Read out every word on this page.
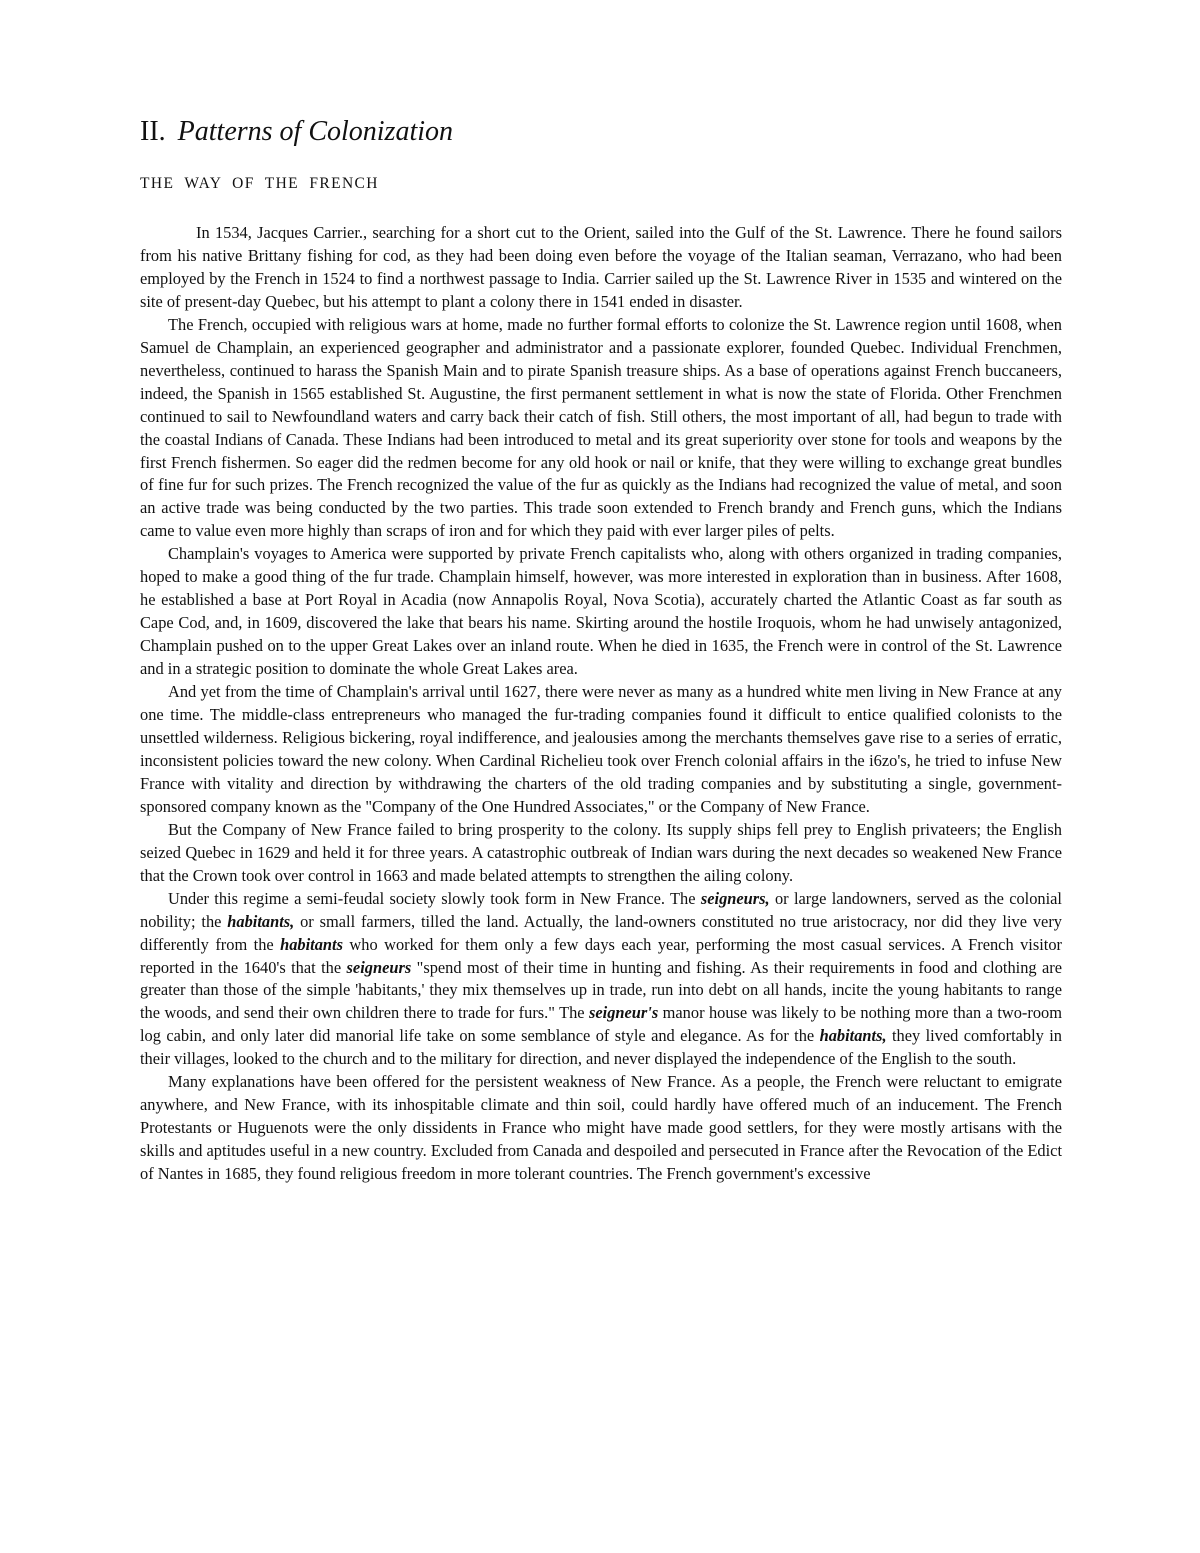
II. Patterns of Colonization
THE WAY OF THE FRENCH

In 1534, Jacques Carrier., searching for a short cut to the Orient, sailed into the Gulf of the St. Lawrence. There he found sailors from his native Brittany fishing for cod, as they had been doing even before the voyage of the Italian seaman, Verrazano, who had been employed by the French in 1524 to find a northwest passage to India. Carrier sailed up the St. Lawrence River in 1535 and wintered on the site of present-day Quebec, but his attempt to plant a colony there in 1541 ended in disaster.

The French, occupied with religious wars at home, made no further formal efforts to colonize the St. Lawrence region until 1608, when Samuel de Champlain, an experienced geographer and administrator and a passionate explorer, founded Quebec. Individual Frenchmen, nevertheless, continued to harass the Spanish Main and to pirate Spanish treasure ships. As a base of operations against French buccaneers, indeed, the Spanish in 1565 established St. Augustine, the first permanent settlement in what is now the state of Florida. Other Frenchmen continued to sail to Newfoundland waters and carry back their catch of fish. Still others, the most important of all, had begun to trade with the coastal Indians of Canada. These Indians had been introduced to metal and its great superiority over stone for tools and weapons by the first French fishermen. So eager did the redmen become for any old hook or nail or knife, that they were willing to exchange great bundles of fine fur for such prizes. The French recognized the value of the fur as quickly as the Indians had recognized the value of metal, and soon an active trade was being conducted by the two parties. This trade soon extended to French brandy and French guns, which the Indians came to value even more highly than scraps of iron and for which they paid with ever larger piles of pelts.

Champlain's voyages to America were supported by private French capitalists who, along with others organized in trading companies, hoped to make a good thing of the fur trade. Champlain himself, however, was more interested in exploration than in business. After 1608, he established a base at Port Royal in Acadia (now Annapolis Royal, Nova Scotia), accurately charted the Atlantic Coast as far south as Cape Cod, and, in 1609, discovered the lake that bears his name. Skirting around the hostile Iroquois, whom he had unwisely antagonized, Champlain pushed on to the upper Great Lakes over an inland route. When he died in 1635, the French were in control of the St. Lawrence and in a strategic position to dominate the whole Great Lakes area.

And yet from the time of Champlain's arrival until 1627, there were never as many as a hundred white men living in New France at any one time. The middle-class entrepreneurs who managed the fur-trading companies found it difficult to entice qualified colonists to the unsettled wilderness. Religious bickering, royal indifference, and jealousies among the merchants themselves gave rise to a series of erratic, inconsistent policies toward the new colony. When Cardinal Richelieu took over French colonial affairs in the i6zo's, he tried to infuse New France with vitality and direction by withdrawing the charters of the old trading companies and by substituting a single, government-sponsored company known as the "Company of the One Hundred Associates," or the Company of New France.

But the Company of New France failed to bring prosperity to the colony. Its supply ships fell prey to English privateers; the English seized Quebec in 1629 and held it for three years. A catastrophic outbreak of Indian wars during the next decades so weakened New France that the Crown took over control in 1663 and made belated attempts to strengthen the ailing colony.

Under this regime a semi-feudal society slowly took form in New France. The seigneurs, or large landowners, served as the colonial nobility; the habitants, or small farmers, tilled the land. Actually, the land-owners constituted no true aristocracy, nor did they live very differently from the habitants who worked for them only a few days each year, performing the most casual services. A French visitor reported in the 1640's that the seigneurs "spend most of their time in hunting and fishing. As their requirements in food and clothing are greater than those of the simple 'habitants,' they mix themselves up in trade, run into debt on all hands, incite the young habitants to range the woods, and send their own children there to trade for furs." The seigneur's manor house was likely to be nothing more than a two-room log cabin, and only later did manorial life take on some semblance of style and elegance. As for the habitants, they lived comfortably in their villages, looked to the church and to the military for direction, and never displayed the independence of the English to the south.

Many explanations have been offered for the persistent weakness of New France. As a people, the French were reluctant to emigrate anywhere, and New France, with its inhospitable climate and thin soil, could hardly have offered much of an inducement. The French Protestants or Huguenots were the only dissidents in France who might have made good settlers, for they were mostly artisans with the skills and aptitudes useful in a new country. Excluded from Canada and despoiled and persecuted in France after the Revocation of the Edict of Nantes in 1685, they found religious freedom in more tolerant countries. The French government's excessive
